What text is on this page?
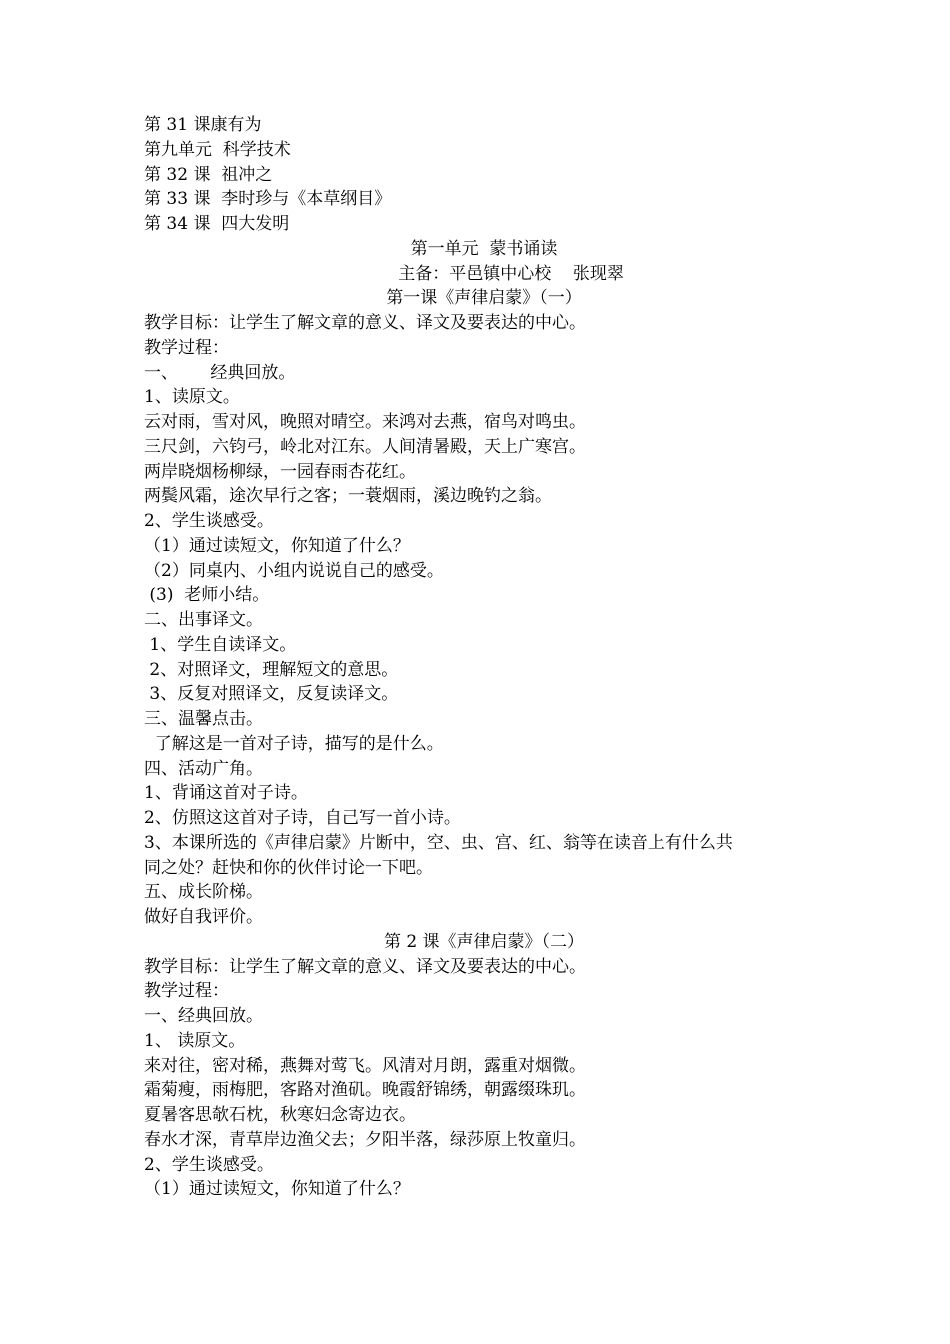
第 31 课康有为
第九单元  科学技术
第 32 课  祖冲之
第 33 课  李时珍与《本草纲目》
第 34 课  四大发明
第一单元  蒙书诵读
主备：平邑镇中心校    张现翠
第一课《声律启蒙》（一）
教学目标：让学生了解文章的意义、译文及要表达的中心。
教学过程：
一、      经典回放。
1、读原文。
云对雨，雪对风，晚照对晴空。来鸿对去燕，宿鸟对鸣虫。
三尺剑，六钧弓，岭北对江东。人间清暑殿，天上广寒宫。
两岸晓烟杨柳绿，一园春雨杏花红。
两鬓风霜，途次早行之客；一蓑烟雨，溪边晚钓之翁。
2、学生谈感受。
（1）通过读短文，你知道了什么？
（2）同桌内、小组内说说自己的感受。
(3)  老师小结。
二、出事译文。
1、学生自读译文。
2、对照译文，理解短文的意思。
3、反复对照译文，反复读译文。
三、温馨点击。
了解这是一首对子诗，描写的是什么。
四、活动广角。
1、背诵这首对子诗。
2、仿照这这首对子诗，自己写一首小诗。
3、本课所选的《声律启蒙》片断中，空、虫、宫、红、翁等在读音上有什么共
同之处？赶快和你的伙伴讨论一下吧。
五、成长阶梯。
做好自我评价。
第 2 课《声律启蒙》（二）
教学目标：让学生了解文章的意义、译文及要表达的中心。
教学过程：
一、经典回放。
1、 读原文。
来对往，密对稀，燕舞对莺飞。风清对月朗，露重对烟微。
霜菊瘦，雨梅肥，客路对渔矶。晚霞舒锦绣，朝露缀珠玑。
夏暑客思欹石枕，秋寒妇念寄边衣。
春水才深，青草岸边渔父去；夕阳半落，绿莎原上牧童归。
2、学生谈感受。
（1）通过读短文，你知道了什么？
